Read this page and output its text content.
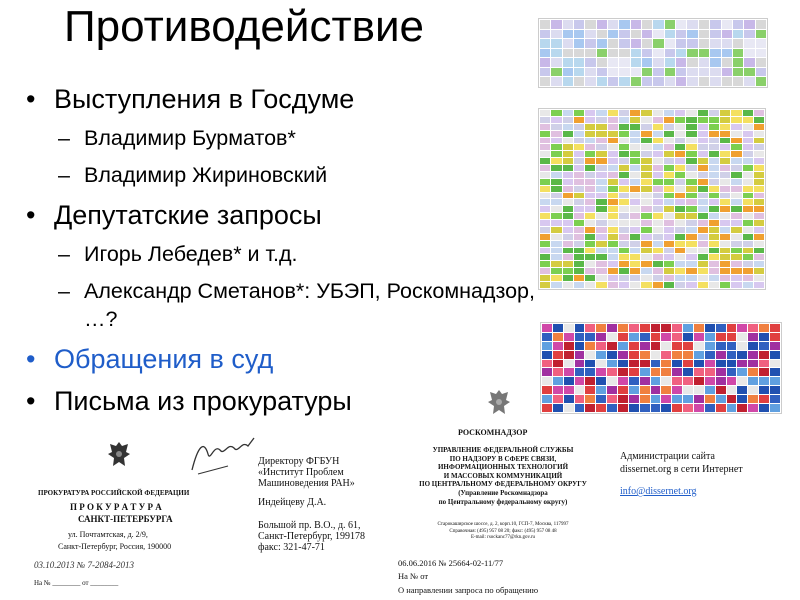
Противодействие
• Выступления в Госдуме
– Владимир Бурматов*
– Владимир Жириновский
• Депутатские запросы
– Игорь Лебедев* и т.д.
– Александр Сметанов*: УБЭП, Роскомнадзор,
…?
• Обращения в суд
• Письма из прокуратуры

ПРОКУРАТУРА РОССИЙСКОЙ ФЕДЕРАЦИИ
П Р О К У Р А Т У Р А
САНКТ-ПЕТЕРБУРГА
ул. Почтамтская, д. 2/9,
Санкт-Петербург, Россия, 190000
03.10.2013 № 7-2084-2013
На № ________ от ________
Директору ФГБУН
«Институт Проблем
Машиноведения РАН»
Индейцеву Д.А.
Большой пр. В.О., д. 61,
Санкт-Петербург, 199178
факс: 321-47-71
РОСКОМНАДЗОР
УПРАВЛЕНИЕ ФЕДЕРАЛЬНОЙ СЛУЖБЫ
ПО НАДЗОРУ В СФЕРЕ СВЯЗИ,
ИНФОРМАЦИОННЫХ ТЕХНОЛОГИЙ
И МАССОВЫХ КОММУНИКАЦИЙ
ПО ЦЕНТРАЛЬНОМУ ФЕДЕРАЛЬНОМУ ОКРУГУ
(Управление Роскомнадзора
по Центральному федеральному округу)
Старокаширское шоссе, д. 2, корп.10, ГСП-7, Москва, 117997
Справочная: (495) 957 08 20; факс: (495) 957 08 48
E-mail: rsockanc77@rkn.gov.ru
06.06.2016 № 25664-02-11/77
На № от
О направлении запроса по обращению
Администрации сайта
dissernet.org в сети Интернет
info@dissernet.org
